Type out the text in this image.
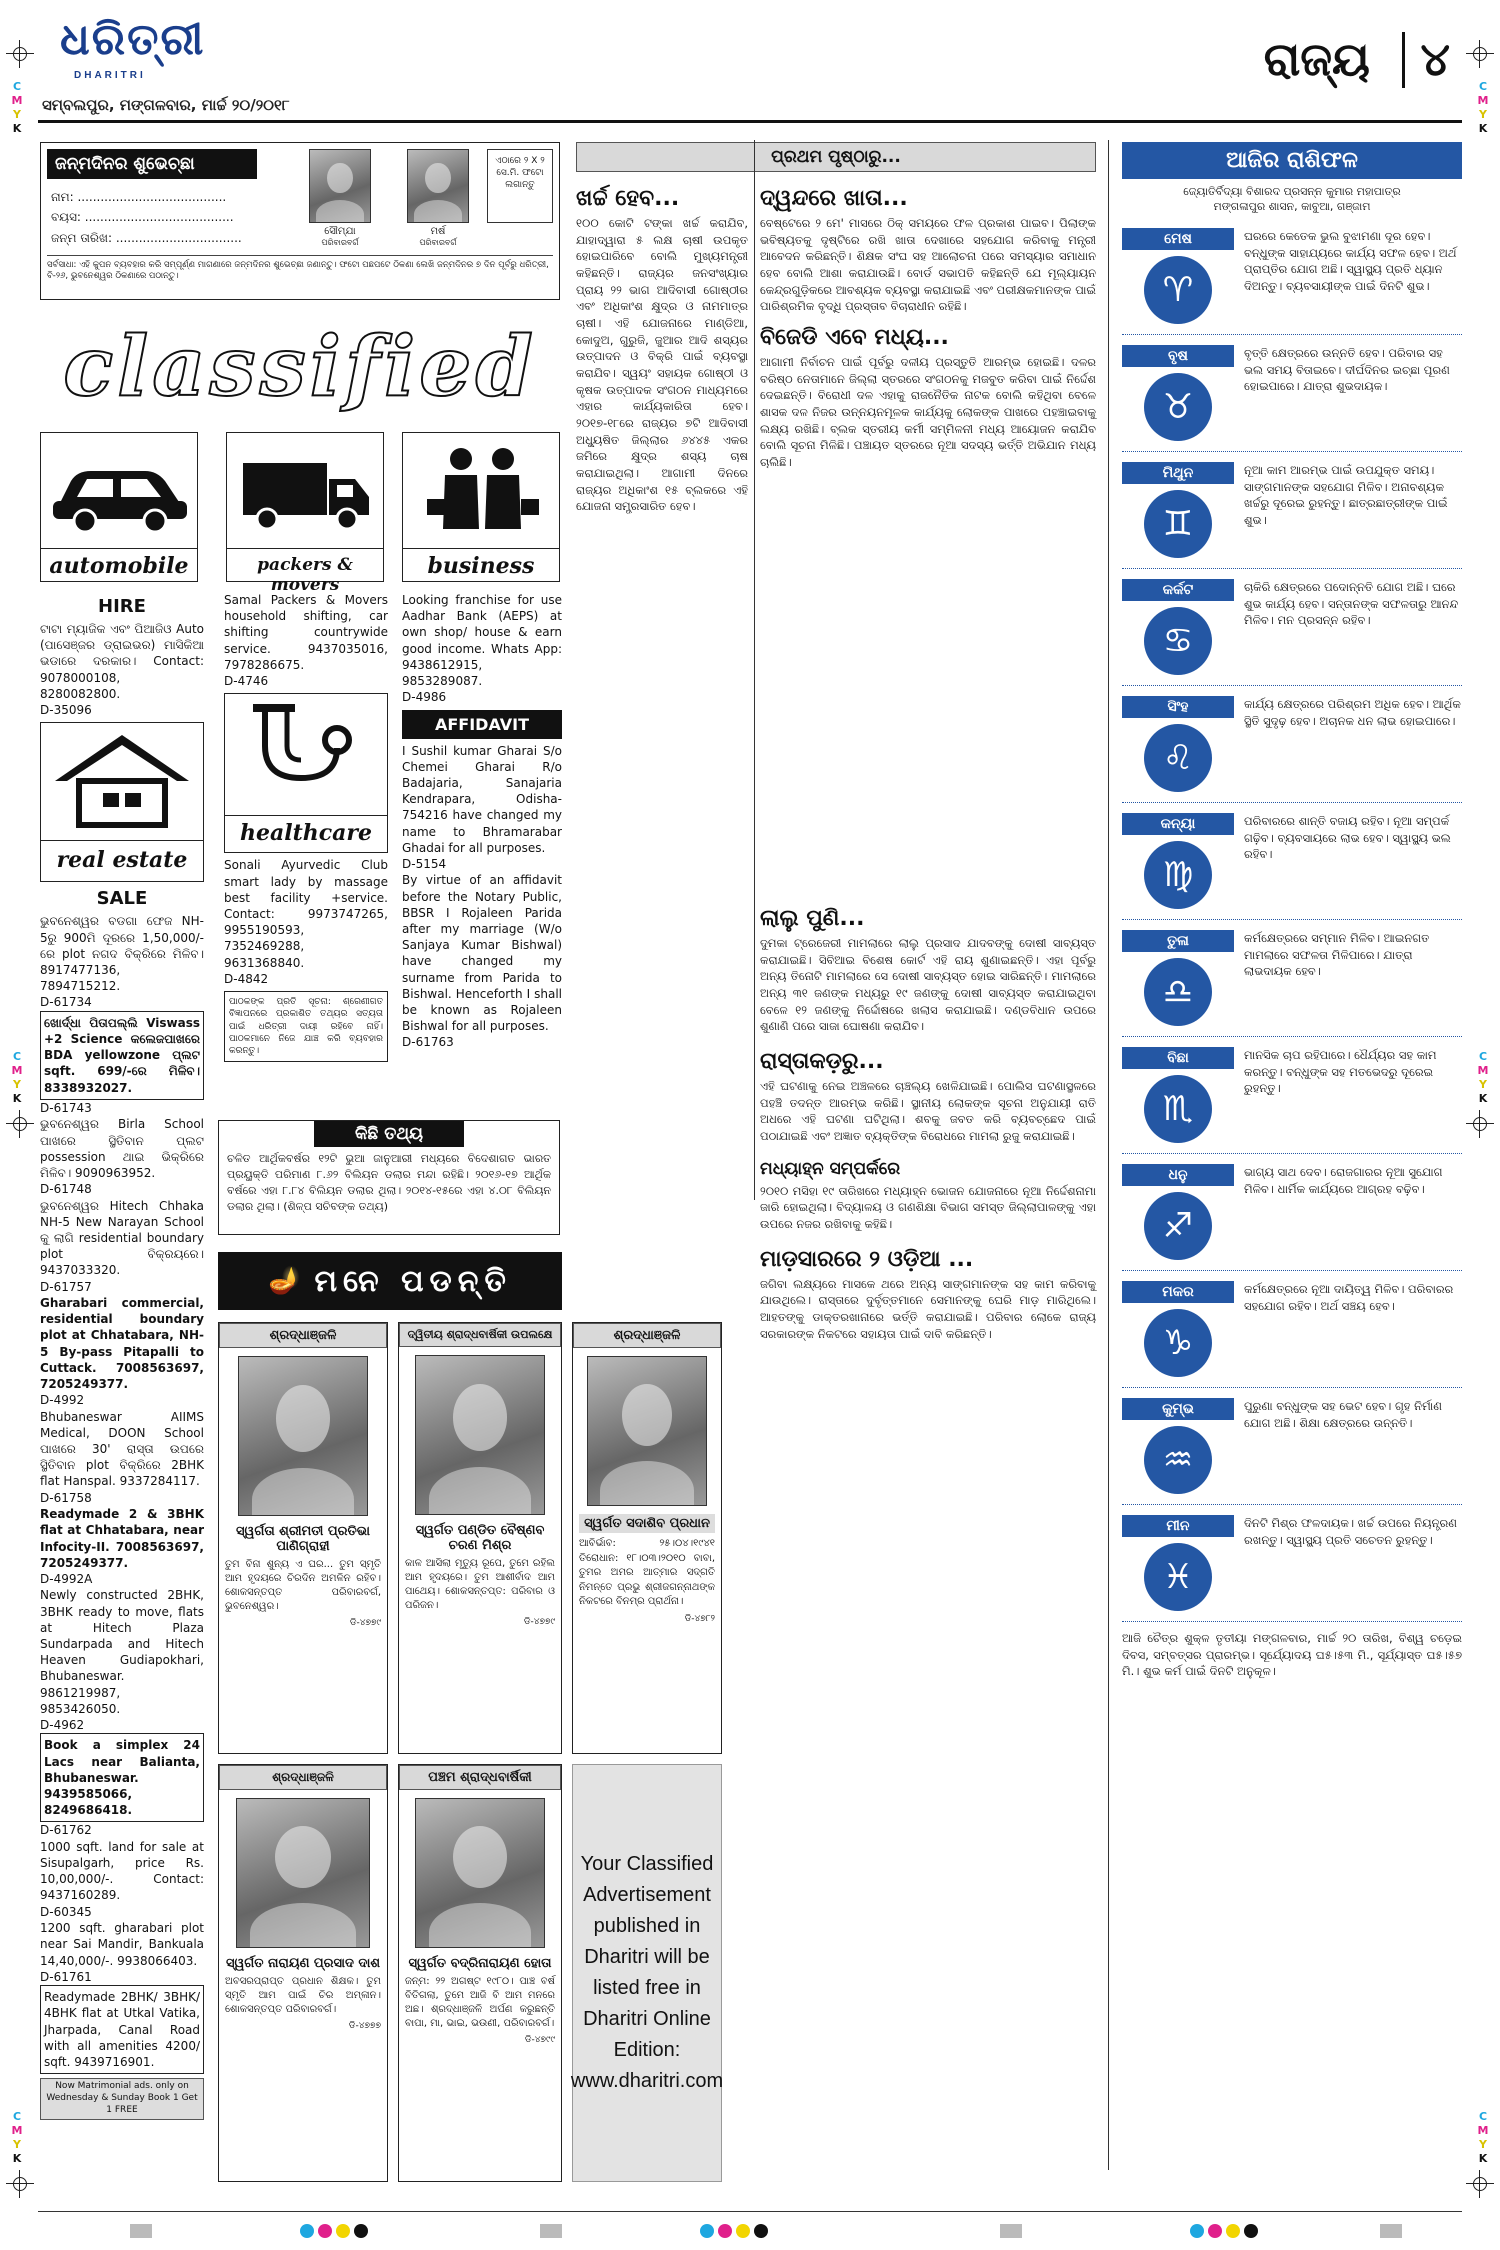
C
M
Y
K
C
M
Y
K
C
M
Y
K
C
M
Y
K
C
M
Y
K
C
M
Y
K
ଧରିତ୍ରୀ
DHARITRI
ସମ୍ବଲପୁର, ମଙ୍ଗଳବାର, ମାର୍ଚ୍ଚ ୨୦/୨୦୧୮
ରାଜ୍ୟ	୪
ଜନ୍ମଦିନର ଶୁଭେଚ୍ଛା
ନାମ: .......................................
ବୟସ: .......................................
ଜନ୍ମ ତାରିଖ: .................................	ସୌମ୍ଯା
ପରିବାରବର୍ଗ
ମର୍ଷ
ପରିବାରବର୍ଗ
ଏଠାରେ ୨ X ୨ ସେ.ମି. ଫଟୋ ଲଗାନ୍ତୁ
ସର୍ବସାଧା: ଏହି କୁପନ ବ୍ୟବହାର କରି ସମ୍ପୂର୍ଣ୍ଣ ମାଗଣାରେ ଜନ୍ମଦିନର ଶୁଭେଚ୍ଛା ଜଣାନ୍ତୁ। ଫଟୋ ପଛପଟେ ଠିକଣା ଲେଖି ଜନ୍ମଦିନର ୭ ଦିନ ପୂର୍ବରୁ ଧରିତ୍ରୀ, ବି-୨୬, ଭୁବନେଶ୍ୱର ଠିକଣାରେ ପଠାନ୍ତୁ।
classified
automobile	packers & movers
business
HIRE
ଟାଟା ମ୍ୟାଜିକ ଏବଂ ପିଆଜିଓ Auto (ପାସେଞ୍ଜର ଡ୍ରାଇଭର) ମାସିକିଆ ଭଡାରେ ଦରକାର। Contact: 9078000108, 8280082800.
D-35096
real estate
SALE
ଭୁବନେଶ୍ୱର ବଡଗା ଫେଜ NH-5ରୁ 900ମି ଦୂରରେ 1,50,000/-ରେ plot ନଗଦ ବିକ୍ରିରେ ମିଳିବ। 8917477136, 7894715212.
D-61734
ଖୋର୍ଦ୍ଧା ପିତାପଲ୍ଲି Viswass +2 Science କଲେଜପାଖରେ BDA yellowzone ପ୍ଲଟ sqft. 699/-ରେ ମିଳିବ। 8338932027.
D-61743
ଭୁବନେଶ୍ୱର Birla School ପାଖରେ ସ୍ଥିତିବାନ ପ୍ଲଟ possession ଥାଇ ଭିକ୍ରିରେ ମିଳିବ। 9090963952.
D-61748
ଭୁବନେଶ୍ୱର Hitech Chhaka NH-5 New Narayan School କୁ ଲାଗି residential boundary plot ବିକ୍ରୟରେ। 9437033320.
D-61757
Gharabari commercial, residential boundary plot at Chhatabara, NH-5 By-pass Pitapalli to Cuttack. 7008563697, 7205249377.
D-4992
Bhubaneswar AIIMS Medical, DOON School ପାଖରେ 30' ରାସ୍ତା ଉପରେ ସ୍ଥିତିବାନ plot ବିକ୍ରିରେ 2BHK flat Hanspal. 9337284117.
D-61758
Readymade 2 & 3BHK flat at Chhatabara, near Infocity-II. 7008563697, 7205249377.
D-4992A
Newly constructed 2BHK, 3BHK ready to move, flats at Hitech Plaza Sundarpada and Hitech Heaven Gudiapokhari, Bhubaneswar. 9861219987, 9853426050.
D-4962
Book a simplex 24 Lacs near Balianta, Bhubaneswar. 9439585066, 8249686418.
D-61762
1000 sqft. land for sale at Sisupalgarh, price Rs. 10,00,000/-. Contact: 9437160289.
D-60345
1200 sqft. gharabari plot near Sai Mandir, Bankuala 14,40,000/-. 9938066403.
D-61761
Readymade 2BHK/ 3BHK/ 4BHK flat at Utkal Vatika, Jharpada, Canal Road with all amenities 4200/ sqft. 9439716901.
Now Matrimonial ads. only on Wednesday & Sunday Book 1 Get 1 FREE
Samal Packers & Movers household shifting, car shifting countrywide service. 9437035016, 7978286675.
D-4746
healthcare
Sonali Ayurvedic Club smart lady by massage best facility +service. Contact: 9973747265, 9955190593, 7352469288, 9631368840.
D-4842
ପାଠକଙ୍କ ପ୍ରତି ସୂଚନା: ଶ୍ରେଣୀଗତ ବିଜ୍ଞାପନରେ ପ୍ରକାଶିତ ତଥ୍ୟର ସତ୍ୟତା ପାଇଁ ଧରିତ୍ରୀ ଦାୟୀ ରହିବେ ନାହିଁ। ପାଠକମାନେ ନିଜେ ଯାଞ୍ଚ କରି ବ୍ୟବହାର କରନ୍ତୁ।
Looking franchise for use Aadhar Bank (AEPS) at own shop/ house & earn good income. Whats App: 9438612915, 9853289087.
D-4986
AFFIDAVIT
I Sushil kumar Gharai S/o Chemei Gharai R/o Badajaria, Sanajaria Kendrapara, Odisha-754216 have changed my name to Bhramarabar Ghadai for all purposes.
D-5154
By virtue of an affidavit before the Notary Public, BBSR I Rojaleen Parida after my marriage (W/o Sanjaya Kumar Bishwal) have changed my surname from Parida to Bishwal. Henceforth I shall be known as Rojaleen Bishwal for all purposes.
D-61763
କିଛି ତଥ୍ୟ
ଚଳିତ ଆର୍ଥିକବର୍ଷର ୧୨ଟି ଭୁଆ ଜାନୁଆରୀ ମଧ୍ୟରେ ବିଦେଶାଗତ ଭାରତ ପ୍ରୟୁକ୍ତି ପରିମାଣ ୮.୬୨ ବିଲିୟନ ଡଲାର ମନ୍ଦା ରହିଛି। ୨୦୧୬-୧୭ ଆର୍ଥିକ ବର୍ଷରେ ଏହା ୮.୮୪ ବିଲିୟନ ଡଲାର ଥିଲା। ୨୦୧୪-୧୫ରେ ଏହା ୪.୦୮ ବିଲିୟନ ଡଲାର ଥିଲା। (ଶିଳ୍ପ ସଚିବଙ୍କ ତଥ୍ୟ)
🪔 ମନେ ପଡନ୍ତି
ଶ୍ରଦ୍ଧାଞ୍ଜଳି
ସ୍ୱର୍ଗତା ଶ୍ରୀମତୀ ପ୍ରତିଭା ପାଣିଗ୍ରାହୀ
ତୁମ ବିନା ଶୁନ୍ୟ ଏ ଘର... ତୁମ ସ୍ମୃତି ଆମ ହୃଦୟରେ ଚିରଦିନ ଅମଳିନ ରହିବ। ଶୋକସନ୍ତପ୍ତ ପରିବାରବର୍ଗ, ଭୁବନେଶ୍ୱର।
ଡି-୪୭୭୯
ଦ୍ୱିତୀୟ ଶ୍ରାଦ୍ଧବାର୍ଷିକୀ ଉପଲକ୍ଷେ
ସ୍ୱର୍ଗତ ପଣ୍ଡିତ ବୈଷ୍ଣବ ଚରଣ ମିଶ୍ର
କାଳ ଆସିଲା ମୃତ୍ୟୁ ରୂପେ, ତୁମେ ରହିଲ ଆମ ହୃଦୟରେ। ତୁମ ଆଶୀର୍ବାଦ ଆମ ପାଥେୟ। ଶୋକସନ୍ତପ୍ତ: ପରିବାର ଓ ପରିଜନ।
ଡି-୪୭୭୯
ଶ୍ରଦ୍ଧାଞ୍ଜଳି
ସ୍ୱର୍ଗତ ସଦାଶିବ ପ୍ରଧାନ
ଆବିର୍ଭାବ: ୨୫।୦୪।୧୯୪୧ ତିରୋଧାନ: ୧୮।୦୩।୨୦୧୦ ବାବା, ତୁମର ଅମର ଆତ୍ମାର ସଦ୍‌ଗତି ନିମନ୍ତେ ପ୍ରଭୁ ଶ୍ରୀଜଗନ୍ନାଥଙ୍କ ନିକଟରେ ବିନମ୍ର ପ୍ରାର୍ଥନା।
ଡି-୪୭୮୨
ଶ୍ରଦ୍ଧାଞ୍ଜଳି
ସ୍ୱର୍ଗତ ନାରାୟଣ ପ୍ରସାଦ ଦାଶ
ଅବସରପ୍ରାପ୍ତ ପ୍ରଧାନ ଶିକ୍ଷକ। ତୁମ ସ୍ମୃତି ଆମ ପାଇଁ ଚିର ଅମ୍ଳାନ। ଶୋକସନ୍ତପ୍ତ ପରିବାରବର୍ଗ।
ଡି-୪୭୭୭
ପଞ୍ଚମ ଶ୍ରାଦ୍ଧବାର୍ଷିକୀ
ସ୍ୱର୍ଗତ ବଦ୍ରିନାରାୟଣ ହୋତା
ଜନ୍ମ: ୨୨ ଅଗଷ୍ଟ ୧୯୮୦। ପାଞ୍ଚ ବର୍ଷ ବିତିଗଲା, ତୁମେ ଆଜି ବି ଆମ ମନରେ ଅଛ। ଶ୍ରଦ୍ଧାଞ୍ଜଳି ଅର୍ପଣ କରୁଛନ୍ତି ବାପା, ମା, ଭାଇ, ଭଉଣୀ, ପରିବାରବର୍ଗ।
ଡି-୪୭୯୯
Your Classified Advertisement published in Dharitri will be listed free in Dharitri Online Edition: www.dharitri.com
ପ୍ରଥମ ପୃଷ୍ଠାରୁ...
ଖର୍ଚ୍ଚ ହେବ...
୧୦୦ କୋଟି ଟଙ୍କା ଖର୍ଚ୍ଚ କରାଯିବ, ଯାହାଦ୍ୱାରା ୫ ଲକ୍ଷ ଚାଷୀ ଉପକୃତ ହୋଇପାରିବେ ବୋଲି ମୁଖ୍ୟମନ୍ତ୍ରୀ କହିଛନ୍ତି। ରାଜ୍ୟର ଜନସଂଖ୍ୟାର ପ୍ରାୟ ୨୨ ଭାଗ ଆଦିବାସୀ ଗୋଷ୍ଠୀର ଏବଂ ଅଧିକାଂଶ କ୍ଷୁଦ୍ର ଓ ନାମମାତ୍ର ଚାଷୀ। ଏହି ଯୋଜନାରେ ମାଣ୍ଡିଆ, କୋଦୁଅ, ଗୁରୁଜି, ଜୁଆର ଆଦି ଶସ୍ୟର ଉତ୍ପାଦନ ଓ ବିକ୍ରି ପାଇଁ ବ୍ୟବସ୍ଥା କରାଯିବ। ସ୍ୱୟଂ ସହାୟକ ଗୋଷ୍ଠୀ ଓ କୃଷକ ଉତ୍ପାଦକ ସଂଗଠନ ମାଧ୍ୟମରେ ଏହାର କାର୍ଯ୍ୟକାରିତା ହେବ। ୨୦୧୭-୧୮ରେ ରାଜ୍ୟର ୭ଟି ଆଦିବାସୀ ଅଧ୍ୟୁଷିତ ଜିଲ୍ଲାର ୬୪୪୫ ଏକର ଜମିରେ କ୍ଷୁଦ୍ର ଶସ୍ୟ ଚାଷ କରାଯାଇଥିଲା। ଆଗାମୀ ଦିନରେ ରାଜ୍ୟର ଅଧିକାଂଶ ୧୫ ବ୍ଲକରେ ଏହି ଯୋଜନା ସମ୍ପ୍ରସାରିତ ହେବ।
ଦ୍ୱନ୍ଦରେ ଖାତା...
ବେଷ୍ଟେରେ ୨ ମେ' ମାସରେ ଠିକ୍ ସମୟରେ ଫଳ ପ୍ରକାଶ ପାଇବ। ପିଲାଙ୍କ ଭବିଷ୍ୟତକୁ ଦୃଷ୍ଟିରେ ରଖି ଖାତା ଦେଖାରେ ସହଯୋଗ କରିବାକୁ ମନ୍ତ୍ରୀ ଆବେଦନ କରିଛନ୍ତି। ଶିକ୍ଷକ ସଂଘ ସହ ଆଲୋଚନା ପରେ ସମସ୍ୟାର ସମାଧାନ ହେବ ବୋଲି ଆଶା କରାଯାଉଛି। ବୋର୍ଡ ସଭାପତି କହିଛନ୍ତି ଯେ ମୂଲ୍ୟାୟନ କେନ୍ଦ୍ରଗୁଡ଼ିକରେ ଆବଶ୍ୟକ ବ୍ୟବସ୍ଥା କରାଯାଇଛି ଏବଂ ପରୀକ୍ଷକମାନଙ୍କ ପାଇଁ ପାରିଶ୍ରମିକ ବୃଦ୍ଧି ପ୍ରସ୍ତାବ ବିଚାରାଧୀନ ରହିଛି।
ବିଜେଡି ଏବେ ମଧ୍ୟ...
ଆଗାମୀ ନିର୍ବାଚନ ପାଇଁ ପୂର୍ବରୁ ଦଳୀୟ ପ୍ରସ୍ତୁତି ଆରମ୍ଭ ହୋଇଛି। ଦଳର ବରିଷ୍ଠ ନେତାମାନେ ଜିଲ୍ଲା ସ୍ତରରେ ସଂଗଠନକୁ ମଜବୁତ କରିବା ପାଇଁ ନିର୍ଦ୍ଦେଶ ଦେଇଛନ୍ତି। ବିରୋଧୀ ଦଳ ଏହାକୁ ରାଜନୈତିକ ନାଟକ ବୋଲି କହିଥିବା ବେଳେ ଶାସକ ଦଳ ନିଜର ଉନ୍ନୟନମୂଳକ କାର୍ଯ୍ୟକୁ ଲୋକଙ୍କ ପାଖରେ ପହଞ୍ଚାଇବାକୁ ଲକ୍ଷ୍ୟ ରଖିଛି। ବ୍ଲକ ସ୍ତରୀୟ କର୍ମୀ ସମ୍ମିଳନୀ ମଧ୍ୟ ଆୟୋଜନ କରାଯିବ ବୋଲି ସୂଚନା ମିଳିଛି। ପଞ୍ଚାୟତ ସ୍ତରରେ ନୂଆ ସଦସ୍ୟ ଭର୍ତ୍ତି ଅଭିଯାନ ମଧ୍ୟ ଚାଲିଛି।
ଲାଲୁ ପୁଣି...
ଦୁମକା ଟ୍ରେଜେରୀ ମାମଲାରେ ଲାଲୁ ପ୍ରସାଦ ଯାଦବଙ୍କୁ ଦୋଷୀ ସାବ୍ୟସ୍ତ କରାଯାଇଛି। ସିବିଆଇ ବିଶେଷ କୋର୍ଟ ଏହି ରାୟ ଶୁଣାଇଛନ୍ତି। ଏହା ପୂର୍ବରୁ ଅନ୍ୟ ତିନୋଟି ମାମଲାରେ ସେ ଦୋଷୀ ସାବ୍ୟସ୍ତ ହୋଇ ସାରିଛନ୍ତି। ମାମଲାରେ ଅନ୍ୟ ୩୧ ଜଣଙ୍କ ମଧ୍ୟରୁ ୧୯ ଜଣଙ୍କୁ ଦୋଷୀ ସାବ୍ୟସ୍ତ କରାଯାଇଥିବା ବେଳେ ୧୨ ଜଣଙ୍କୁ ନିର୍ଦ୍ଦୋଷରେ ଖଲାସ କରାଯାଇଛି। ଦଣ୍ଡବିଧାନ ଉପରେ ଶୁଣାଣି ପରେ ସାଜା ଘୋଷଣା କରାଯିବ।
ରାସ୍ତାକଡ଼ରୁ...
ଏହି ଘଟଣାକୁ ନେଇ ଅଞ୍ଚଳରେ ଚାଞ୍ଚଲ୍ୟ ଖେଳିଯାଇଛି। ପୋଲିସ ଘଟଣାସ୍ଥଳରେ ପହଞ୍ଚି ତଦନ୍ତ ଆରମ୍ଭ କରିଛି। ସ୍ଥାନୀୟ ଲୋକଙ୍କ ସୂଚନା ଅନୁଯାୟୀ ରାତି ଅଧରେ ଏହି ଘଟଣା ଘଟିଥିଲା। ଶବକୁ ଜବତ କରି ବ୍ୟବଚ୍ଛେଦ ପାଇଁ ପଠାଯାଇଛି ଏବଂ ଅଜ୍ଞାତ ବ୍ୟକ୍ତିଙ୍କ ବିରୋଧରେ ମାମଲା ରୁଜୁ କରାଯାଇଛି।
ମଧ୍ୟାହ୍ନ ସମ୍ପର୍କରେ
୨୦୧୦ ମସିହା ୧୯ ତାରିଖରେ ମଧ୍ୟାହ୍ନ ଭୋଜନ ଯୋଜନାରେ ନୂଆ ନିର୍ଦ୍ଦେଶନାମା ଜାରି ହୋଇଥିଲା। ବିଦ୍ୟାଳୟ ଓ ଗଣଶିକ୍ଷା ବିଭାଗ ସମସ୍ତ ଜିଲ୍ଲାପାଳଙ୍କୁ ଏହା ଉପରେ ନଜର ରଖିବାକୁ କହିଛି।
ମାଡ଼ସାରରେ ୨ ଓଡ଼ିଆ ...
ଜଗିବା ଲକ୍ଷ୍ୟରେ ମାସକେ ଥରେ ଅନ୍ୟ ସାଙ୍ଗମାନଙ୍କ ସହ କାମ କରିବାକୁ ଯାଉଥିଲେ। ରାସ୍ତାରେ ଦୁର୍ବୃତ୍ତମାନେ ସେମାନଙ୍କୁ ଘେରି ମାଡ଼ ମାରିଥିଲେ। ଆହତଙ୍କୁ ଡାକ୍ତରଖାନାରେ ଭର୍ତ୍ତି କରାଯାଇଛି। ପରିବାର ଲୋକେ ରାଜ୍ୟ ସରକାରଙ୍କ ନିକଟରେ ସହାୟତା ପାଇଁ ଦାବି କରିଛନ୍ତି।
ଆଜିର ରାଶିଫଳ
ଜ୍ୟୋତିର୍ବିଦ୍ୟା ବିଶାରଦ ପ୍ରସନ୍ନ କୁମାର ମହାପାତ୍ର
ମଙ୍ଗଳାପୁର ଶାସନ, କାବୁଆ, ଗଞ୍ଜାମ
ମେଷ
♈
ଘରରେ କେତେକ ଭୁଲ ବୁଝାମଣା ଦୂର ହେବ। ବନ୍ଧୁଙ୍କ ସାହାଯ୍ୟରେ କାର୍ଯ୍ୟ ସଫଳ ହେବ। ଅର୍ଥ ପ୍ରାପ୍ତିର ଯୋଗ ଅଛି। ସ୍ୱାସ୍ଥ୍ୟ ପ୍ରତି ଧ୍ୟାନ ଦିଅନ୍ତୁ। ବ୍ୟବସାୟୀଙ୍କ ପାଇଁ ଦିନଟି ଶୁଭ।
ବୃଷ
♉
ବୃତ୍ତି କ୍ଷେତ୍ରରେ ଉନ୍ନତି ହେବ। ପରିବାର ସହ ଭଲ ସମୟ ବିତାଇବେ। ଦୀର୍ଘଦିନର ଇଚ୍ଛା ପୂରଣ ହୋଇପାରେ। ଯାତ୍ରା ଶୁଭଦାୟକ।
ମିଥୁନ
♊
ନୂଆ କାମ ଆରମ୍ଭ ପାଇଁ ଉପଯୁକ୍ତ ସମୟ। ସାଙ୍ଗମାନଙ୍କ ସହଯୋଗ ମିଳିବ। ଅନାବଶ୍ୟକ ଖର୍ଚ୍ଚରୁ ଦୂରେଇ ରୁହନ୍ତୁ। ଛାତ୍ରଛାତ୍ରୀଙ୍କ ପାଇଁ ଶୁଭ।
କର୍କଟ
♋
ଚାକିରି କ୍ଷେତ୍ରରେ ପଦୋନ୍ନତି ଯୋଗ ଅଛି। ଘରେ ଶୁଭ କାର୍ଯ୍ୟ ହେବ। ସନ୍ତାନଙ୍କ ସଫଳତାରୁ ଆନନ୍ଦ ମିଳିବ। ମନ ପ୍ରସନ୍ନ ରହିବ।
ସିଂହ
♌
କାର୍ଯ୍ୟ କ୍ଷେତ୍ରରେ ପରିଶ୍ରମ ଅଧିକ ହେବ। ଆର୍ଥିକ ସ୍ଥିତି ସୁଦୃଢ଼ ହେବ। ଅଚାନକ ଧନ ଲାଭ ହୋଇପାରେ।
କନ୍ୟା
♍
ପରିବାରରେ ଶାନ୍ତି ବଜାୟ ରହିବ। ନୂଆ ସମ୍ପର୍କ ଗଢ଼ିବ। ବ୍ୟବସାୟରେ ଲାଭ ହେବ। ସ୍ୱାସ୍ଥ୍ୟ ଭଲ ରହିବ।
ତୁଳା
♎
କର୍ମକ୍ଷେତ୍ରରେ ସମ୍ମାନ ମିଳିବ। ଆଇନଗତ ମାମଲାରେ ସଫଳତା ମିଳିପାରେ। ଯାତ୍ରା ଲାଭଦାୟକ ହେବ।
ବିଛା
♏
ମାନସିକ ଚାପ ରହିପାରେ। ଧୈର୍ଯ୍ୟର ସହ କାମ କରନ୍ତୁ। ବନ୍ଧୁଙ୍କ ସହ ମତଭେଦରୁ ଦୂରେଇ ରୁହନ୍ତୁ।
ଧନୁ
♐
ଭାଗ୍ୟ ସାଥ ଦେବ। ରୋଜଗାରର ନୂଆ ସୁଯୋଗ ମିଳିବ। ଧାର୍ମିକ କାର୍ଯ୍ୟରେ ଆଗ୍ରହ ବଢ଼ିବ।
ମକର
♑
କର୍ମକ୍ଷେତ୍ରରେ ନୂଆ ଦାୟିତ୍ୱ ମିଳିବ। ପରିବାରର ସହଯୋଗ ରହିବ। ଅର୍ଥ ସଞ୍ଚୟ ହେବ।
କୁମ୍ଭ
♒
ପୁରୁଣା ବନ୍ଧୁଙ୍କ ସହ ଭେଟ ହେବ। ଗୃହ ନିର୍ମାଣ ଯୋଗ ଅଛି। ଶିକ୍ଷା କ୍ଷେତ୍ରରେ ଉନ୍ନତି।
ମୀନ
♓
ଦିନଟି ମିଶ୍ର ଫଳଦାୟକ। ଖର୍ଚ୍ଚ ଉପରେ ନିୟନ୍ତ୍ରଣ ରଖନ୍ତୁ। ସ୍ୱାସ୍ଥ୍ୟ ପ୍ରତି ସଚେତନ ରୁହନ୍ତୁ।
ଆଜି ଚୈତ୍ର ଶୁକ୍ଳ ତୃତୀୟା ମଙ୍ଗଳବାର, ମାର୍ଚ୍ଚ ୨୦ ତାରିଖ, ବିଶ୍ୱ ଚଡ଼େଇ ଦିବସ, ସମ୍ବତ୍ସର ପ୍ରାରମ୍ଭ। ସୂର୍ଯ୍ୟୋଦୟ ଘ୫।୫୩ ମି., ସୂର୍ଯ୍ୟାସ୍ତ ଘ୫।୫୭ ମି.। ଶୁଭ କର୍ମ ପାଇଁ ଦିନଟି ଅନୁକୂଳ।
